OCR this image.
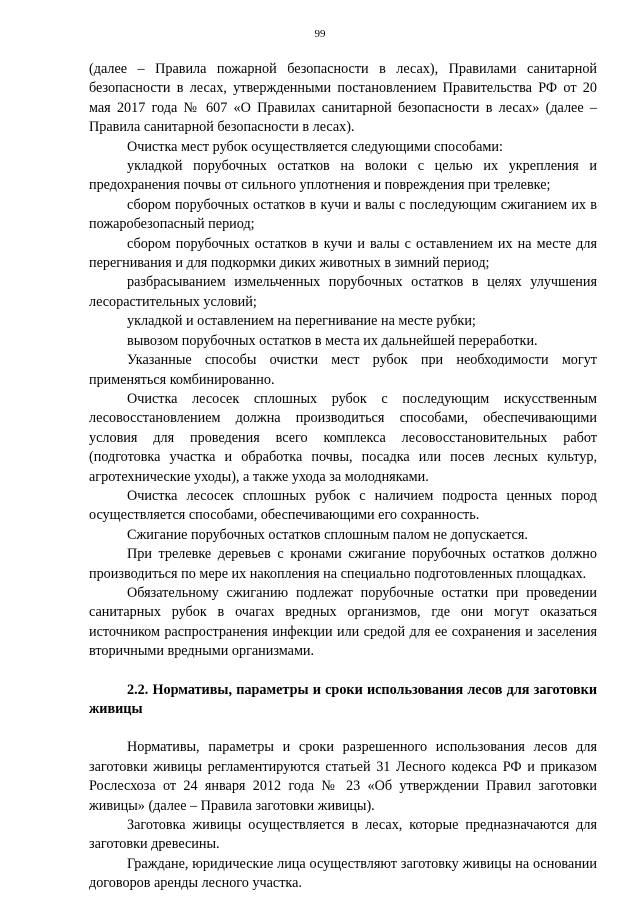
99

(далее – Правила пожарной безопасности в лесах), Правилами санитарной безопасности в лесах, утвержденными постановлением Правительства РФ от 20 мая 2017 года № 607 «О Правилах санитарной безопасности в лесах» (далее – Правила санитарной безопасности в лесах).

Очистка мест рубок осуществляется следующими способами:

укладкой порубочных остатков на волоки с целью их укрепления и предохранения почвы от сильного уплотнения и повреждения при трелевке;

сбором порубочных остатков в кучи и валы с последующим сжиганием их в пожаробезопасный период;

сбором порубочных остатков в кучи и валы с оставлением их на месте для перегнивания и для подкормки диких животных в зимний период;

разбрасыванием измельченных порубочных остатков в целях улучшения лесорастительных условий;

укладкой и оставлением на перегнивание на месте рубки;

вывозом порубочных остатков в места их дальнейшей переработки.

Указанные способы очистки мест рубок при необходимости могут применяться комбинированно.

Очистка лесосек сплошных рубок с последующим искусственным лесовосстановлением должна производиться способами, обеспечивающими условия для проведения всего комплекса лесовосстановительных работ (подготовка участка и обработка почвы, посадка или посев лесных культур, агротехнические уходы), а также ухода за молодняками.

Очистка лесосек сплошных рубок с наличием подроста ценных пород осуществляется способами, обеспечивающими его сохранность.

Сжигание порубочных остатков сплошным палом не допускается.

При трелевке деревьев с кронами сжигание порубочных остатков должно производиться по мере их накопления на специально подготовленных площадках.

Обязательному сжиганию подлежат порубочные остатки при проведении санитарных рубок в очагах вредных организмов, где они могут оказаться источником распространения инфекции или средой для ее сохранения и заселения вторичными вредными организмами.

2.2. Нормативы, параметры и сроки использования лесов для заготовки живицы

Нормативы, параметры и сроки разрешенного использования лесов для заготовки живицы регламентируются статьей 31 Лесного кодекса РФ и приказом Рослесхоза от 24 января 2012 года № 23 «Об утверждении Правил заготовки живицы» (далее – Правила заготовки живицы).

Заготовка живицы осуществляется в лесах, которые предназначаются для заготовки древесины.

Граждане, юридические лица осуществляют заготовку живицы на основании договоров аренды лесного участка.
